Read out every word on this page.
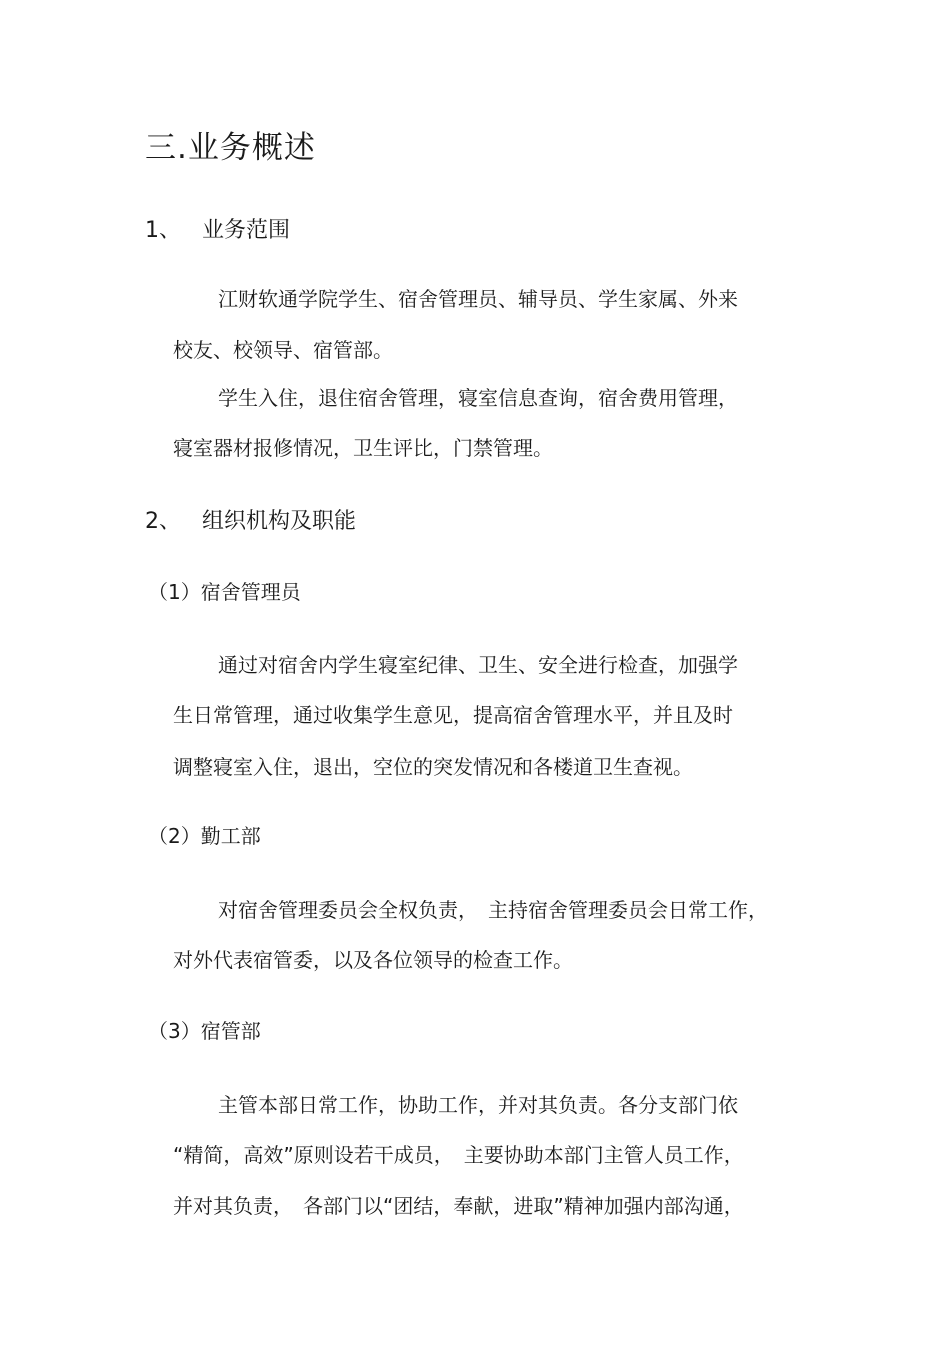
三.业务概述
1、 业务范围
江财软通学院学生、宿舍管理员、辅导员、学生家属、外来
校友、校领导、宿管部。
学生入住，退住宿舍管理，寝室信息查询，宿舍费用管理，
寝室器材报修情况，卫生评比，门禁管理。
2、 组织机构及职能
（1）宿舍管理员
通过对宿舍内学生寝室纪律、卫生、安全进行检查，加强学
生日常管理，通过收集学生意见，提高宿舍管理水平，并且及时
调整寝室入住，退出，空位的突发情况和各楼道卫生查视。
（2）勤工部
对宿舍管理委员会全权负责，　主持宿舍管理委员会日常工作，
对外代表宿管委，以及各位领导的检查工作。
（3）宿管部
主管本部日常工作，协助工作，并对其负责。各分支部门依
“精简，高效”原则设若干成员，　主要协助本部门主管人员工作，
并对其负责，　各部门以“团结，奉献，进取”精神加强内部沟通，
